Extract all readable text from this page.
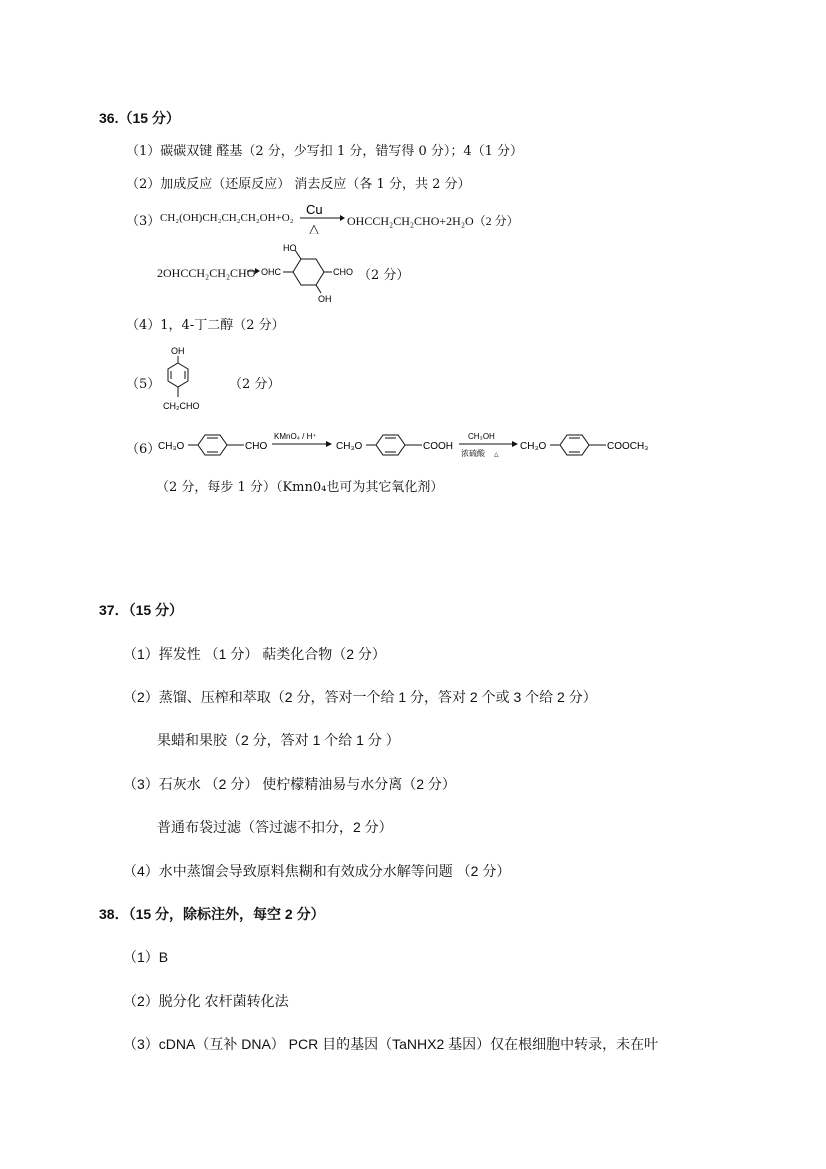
36.（15 分）
（1）碳碳双键 醛基（2 分，少写扣 1 分，错写得 0 分）；4（1 分）
（2）加成反应（还原反应） 消去反应（各 1 分，共 2 分）
（3） CH₂(OH)CH₂CH₂CH₂OH+O₂
Cu
△ OHCCH₂CH₂CHO+2H₂O（2 分）
2OHCCH₂CH₂CHO OHC
HO
CHO
OH
（2 分）
（4）1，4-丁二醇（2 分）
（5）
OH
CH₂CHO
（2 分）
（6）
CH₃O	CHO
KMnO₄ / H⁺
CH₃O	COOH
CH₃OH
浓硫酸 △
CH₃O	COOCH₃
（2 分，每步 1 分）（Kmn0₄也可为其它氧化剂）
37．（15 分）
（1）挥发性 （1 分） 萜类化合物（2 分）
（2）蒸馏、压榨和萃取（2 分，答对一个给 1 分，答对 2 个或 3 个给 2 分）
果蜡和果胶（2 分，答对 1 个给 1 分 ）
（3）石灰水 （2 分） 使柠檬精油易与水分离（2 分）
普通布袋过滤（答过滤不扣分，2 分）
（4）水中蒸馏会导致原料焦糊和有效成分水解等问题 （2 分）
38．（15 分，除标注外，每空 2 分）
（1）B
（2）脱分化 农杆菌转化法
（3）cDNA（互补 DNA） PCR 目的基因（TaNHX2 基因）仅在根细胞中转录，未在叶
